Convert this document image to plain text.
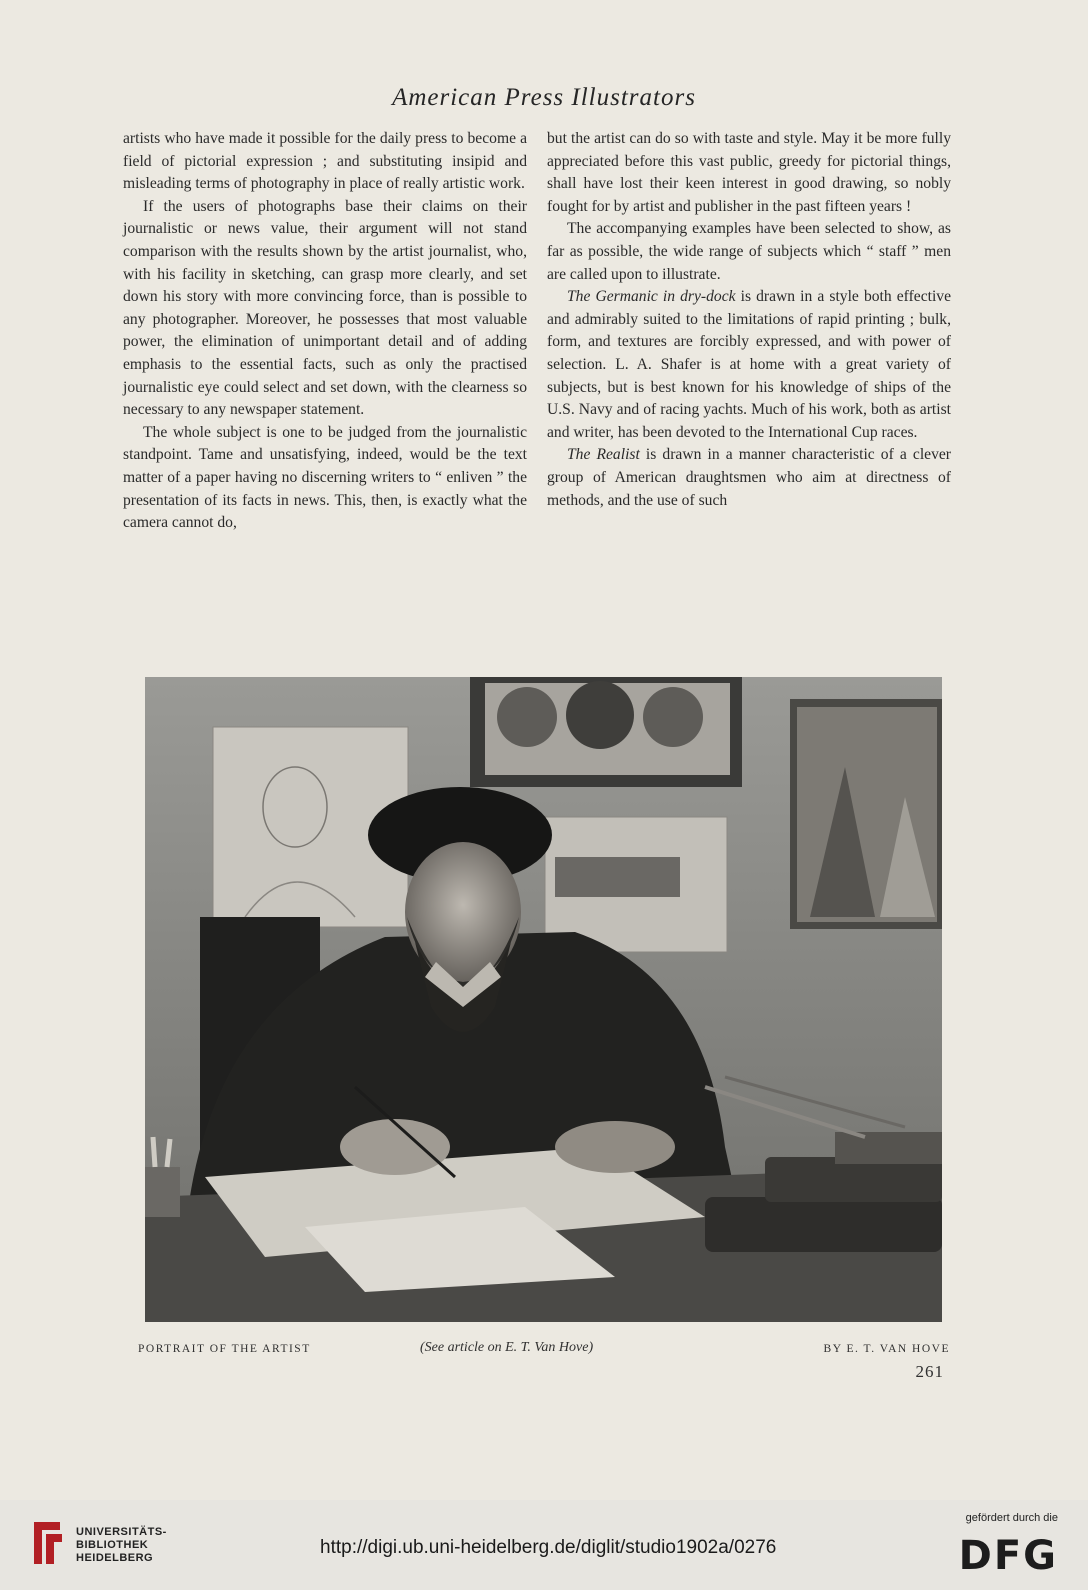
American Press Illustrators

artists who have made it possible for the daily press to become a field of pictorial expression ; and substituting insipid and misleading terms of photography in place of really artistic work.

If the users of photographs base their claims on their journalistic or news value, their argument will not stand comparison with the results shown by the artist journalist, who, with his facility in sketching, can grasp more clearly, and set down his story with more convincing force, than is possible to any photographer. Moreover, he possesses that most valuable power, the elimination of unimportant detail and of adding emphasis to the essential facts, such as only the practised journalistic eye could select and set down, with the clearness so necessary to any newspaper statement.

The whole subject is one to be judged from the journalistic standpoint. Tame and unsatisfying, indeed, would be the text matter of a paper having no discerning writers to “ enliven ” the presentation of its facts in news. This, then, is exactly what the camera cannot do,

but the artist can do so with taste and style. May it be more fully appreciated before this vast public, greedy for pictorial things, shall have lost their keen interest in good drawing, so nobly fought for by artist and publisher in the past fifteen years !

The accompanying examples have been selected to show, as far as possible, the wide range of subjects which “ staff ” men are called upon to illustrate.

The Germanic in dry-dock is drawn in a style both effective and admirably suited to the limitations of rapid printing ; bulk, form, and textures are forcibly expressed, and with power of selection. L. A. Shafer is at home with a great variety of subjects, but is best known for his knowledge of ships of the U.S. Navy and of racing yachts. Much of his work, both as artist and writer, has been devoted to the International Cup races.

The Realist is drawn in a manner characteristic of a clever group of American draughtsmen who aim at directness of methods, and the use of such

PORTRAIT OF THE ARTIST	(See article on E. T. Van Hove)	BY E. T. VAN HOVE
261
UNIVERSITÄTS-
BIBLIOTHEK
HEIDELBERG	http://digi.ub.uni-heidelberg.de/diglit/studio1902a/0276
gefördert durch die
DFG
